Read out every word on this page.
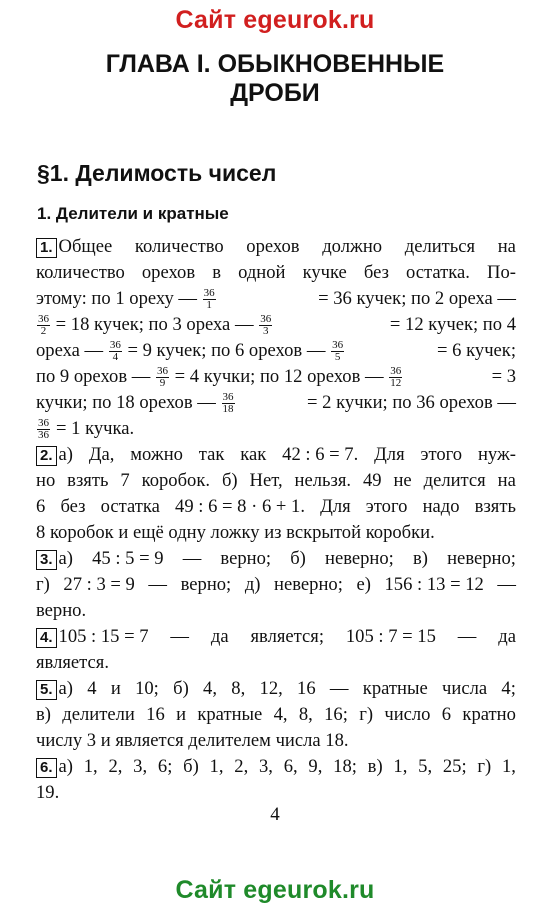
Сайт egeurok.ru
ГЛАВА I. ОБЫКНОВЕННЫЕ
ДРОБИ
§1. Делимость чисел
1. Делители и кратные
1. Общее количество орехов должно делиться на
количество орехов в одной кучке без остатка. По-
этому: по 1 ореху — $\frac{36}{1}$	= 36 кучек; по 2 ореха —
$\frac{36}{2} = 18$ кучек; по 3 ореха — $\frac{36}{3}$	= 12 кучек; по 4
ореха — $\frac{36}{4} = 9$ кучек; по 6 орехов — $\frac{36}{5}$	= 6 кучек;
по 9 орехов — $\frac{36}{9} = 4$ кучки; по 12 орехов — $\frac{36}{12}$	= 3
кучки; по 18 орехов — $\frac{36}{18}$	= 2 кучки; по 36 орехов —
$\frac{36}{36} = 1$ кучка.
2. а) Да, можно так как 42 : 6 = 7. Для этого нуж-
но взять 7 коробок. б) Нет, нельзя. 49 не делится на
6 без остатка 49 : 6 = 8 · 6 + 1. Для этого надо взять
8 коробок и ещё одну ложку из вскрытой коробки.
3. а) 45 : 5 = 9 — верно; б) неверно; в) неверно;
г) 27 : 3 = 9 — верно; д) неверно; е) 156 : 13 = 12 —
верно.
4. 105 : 15 = 7 — да является; 105 : 7 = 15 — да
является.
5. а) 4 и 10; б) 4, 8, 12, 16 — кратные числа 4;
в) делители 16 и кратные 4, 8, 16; г) число 6 кратно
числу 3 и является делителем числа 18.
6. а) 1, 2, 3, 6; б) 1, 2, 3, 6, 9, 18; в) 1, 5, 25; г) 1,
19.
4
Сайт egeurok.ru
